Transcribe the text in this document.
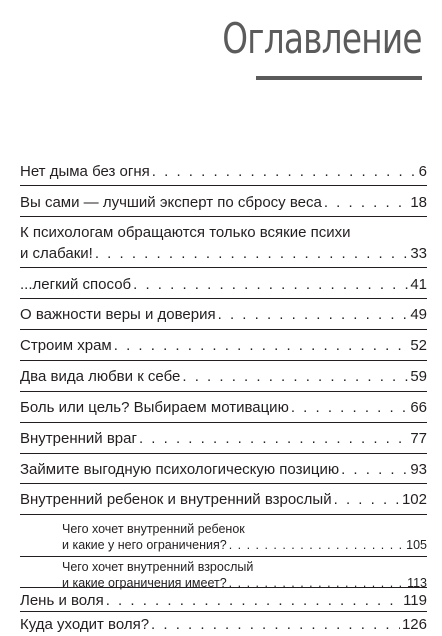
Оглавление
Нет дыма без огня . . .	6
Вы сами — лучший эксперт по сбросу веса . . .	18
К психологам обращаются только всякие психи
и слабаки! . . .	33
...легкий способ . . .	41
О важности веры и доверия . . .	49
Строим храм . . .	52
Два вида любви к себе . . .	59
Боль или цель? Выбираем мотивацию . . .	66
Внутренний враг . . .	77
Займите выгодную психологическую позицию . . .	93
Внутренний ребенок и внутренний взрослый . . .	102
Чего хочет внутренний ребенок
и какие у него ограничения? . . .	105
Чего хочет внутренний взрослый
и какие ограничения имеет? . . .	113
Лень и воля . . .	119
Куда уходит воля? . . .	126
